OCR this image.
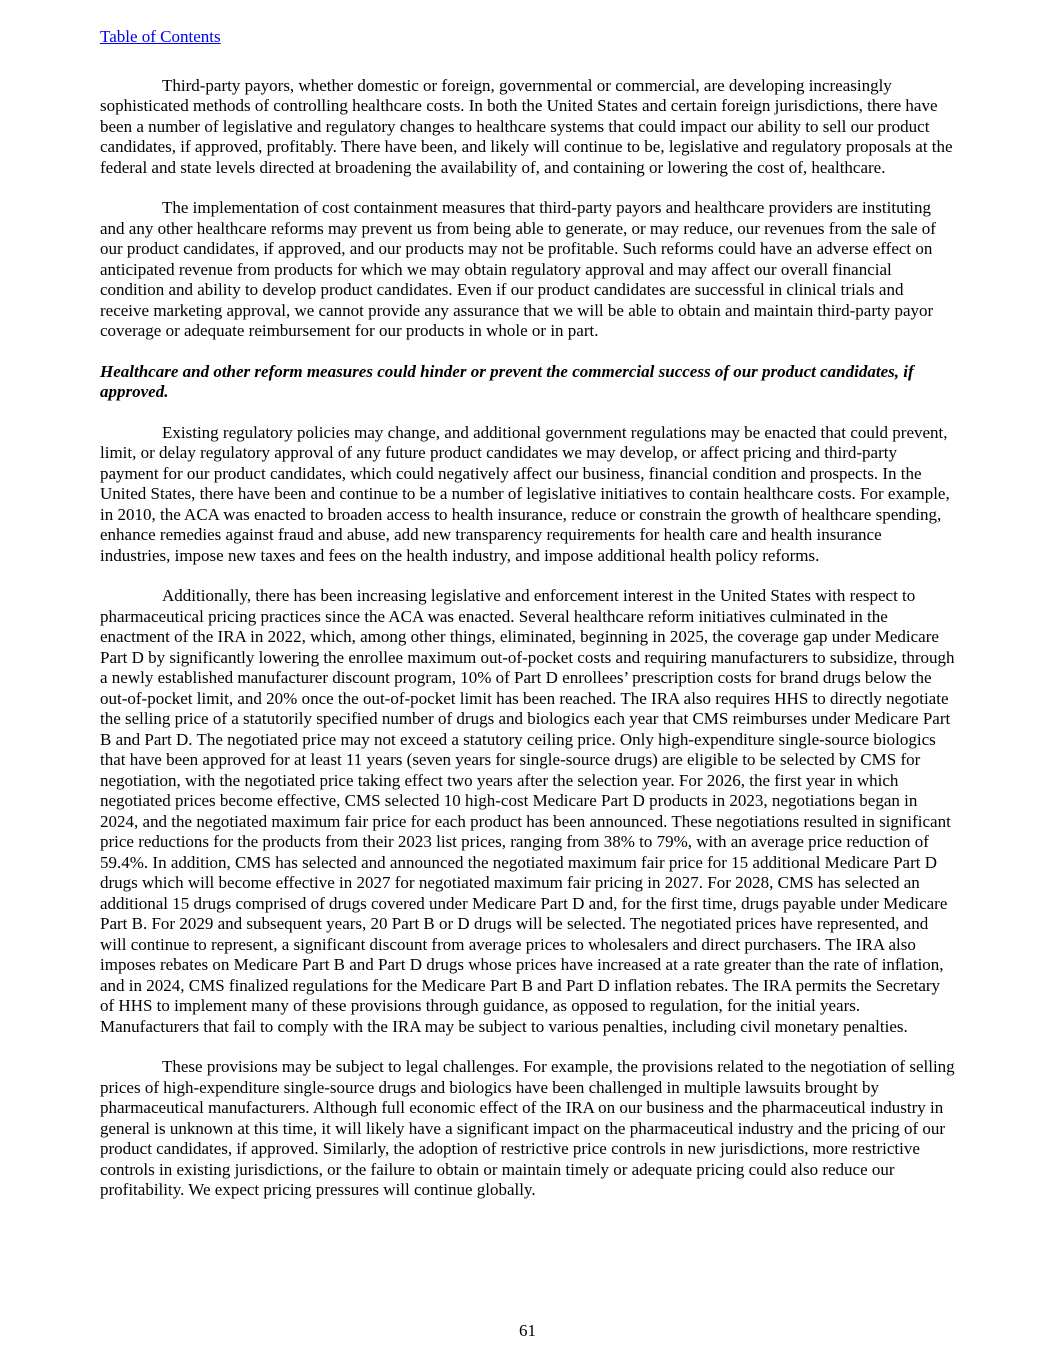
Table of Contents

Third-party payors, whether domestic or foreign, governmental or commercial, are developing increasingly sophisticated methods of controlling healthcare costs. In both the United States and certain foreign jurisdictions, there have been a number of legislative and regulatory changes to healthcare systems that could impact our ability to sell our product candidates, if approved, profitably. There have been, and likely will continue to be, legislative and regulatory proposals at the federal and state levels directed at broadening the availability of, and containing or lowering the cost of, healthcare.

The implementation of cost containment measures that third-party payors and healthcare providers are instituting and any other healthcare reforms may prevent us from being able to generate, or may reduce, our revenues from the sale of our product candidates, if approved, and our products may not be profitable. Such reforms could have an adverse effect on anticipated revenue from products for which we may obtain regulatory approval and may affect our overall financial condition and ability to develop product candidates. Even if our product candidates are successful in clinical trials and receive marketing approval, we cannot provide any assurance that we will be able to obtain and maintain third-party payor coverage or adequate reimbursement for our products in whole or in part.

Healthcare and other reform measures could hinder or prevent the commercial success of our product candidates, if approved.

Existing regulatory policies may change, and additional government regulations may be enacted that could prevent, limit, or delay regulatory approval of any future product candidates we may develop, or affect pricing and third-party payment for our product candidates, which could negatively affect our business, financial condition and prospects. In the United States, there have been and continue to be a number of legislative initiatives to contain healthcare costs. For example, in 2010, the ACA was enacted to broaden access to health insurance, reduce or constrain the growth of healthcare spending, enhance remedies against fraud and abuse, add new transparency requirements for health care and health insurance industries, impose new taxes and fees on the health industry, and impose additional health policy reforms.

Additionally, there has been increasing legislative and enforcement interest in the United States with respect to pharmaceutical pricing practices since the ACA was enacted. Several healthcare reform initiatives culminated in the enactment of the IRA in 2022, which, among other things, eliminated, beginning in 2025, the coverage gap under Medicare Part D by significantly lowering the enrollee maximum out-of-pocket costs and requiring manufacturers to subsidize, through a newly established manufacturer discount program, 10% of Part D enrollees’ prescription costs for brand drugs below the out-of-pocket limit, and 20% once the out-of-pocket limit has been reached. The IRA also requires HHS to directly negotiate the selling price of a statutorily specified number of drugs and biologics each year that CMS reimburses under Medicare Part B and Part D. The negotiated price may not exceed a statutory ceiling price. Only high-expenditure single-source biologics that have been approved for at least 11 years (seven years for single-source drugs) are eligible to be selected by CMS for negotiation, with the negotiated price taking effect two years after the selection year. For 2026, the first year in which negotiated prices become effective, CMS selected 10 high-cost Medicare Part D products in 2023, negotiations began in 2024, and the negotiated maximum fair price for each product has been announced. These negotiations resulted in significant price reductions for the products from their 2023 list prices, ranging from 38% to 79%, with an average price reduction of 59.4%. In addition, CMS has selected and announced the negotiated maximum fair price for 15 additional Medicare Part D drugs which will become effective in 2027 for negotiated maximum fair pricing in 2027. For 2028, CMS has selected an additional 15 drugs comprised of drugs covered under Medicare Part D and, for the first time, drugs payable under Medicare Part B. For 2029 and subsequent years, 20 Part B or D drugs will be selected. The negotiated prices have represented, and will continue to represent, a significant discount from average prices to wholesalers and direct purchasers. The IRA also imposes rebates on Medicare Part B and Part D drugs whose prices have increased at a rate greater than the rate of inflation, and in 2024, CMS finalized regulations for the Medicare Part B and Part D inflation rebates. The IRA permits the Secretary of HHS to implement many of these provisions through guidance, as opposed to regulation, for the initial years. Manufacturers that fail to comply with the IRA may be subject to various penalties, including civil monetary penalties.

These provisions may be subject to legal challenges. For example, the provisions related to the negotiation of selling prices of high-expenditure single-source drugs and biologics have been challenged in multiple lawsuits brought by pharmaceutical manufacturers. Although full economic effect of the IRA on our business and the pharmaceutical industry in general is unknown at this time, it will likely have a significant impact on the pharmaceutical industry and the pricing of our product candidates, if approved. Similarly, the adoption of restrictive price controls in new jurisdictions, more restrictive controls in existing jurisdictions, or the failure to obtain or maintain timely or adequate pricing could also reduce our profitability. We expect pricing pressures will continue globally.

61
